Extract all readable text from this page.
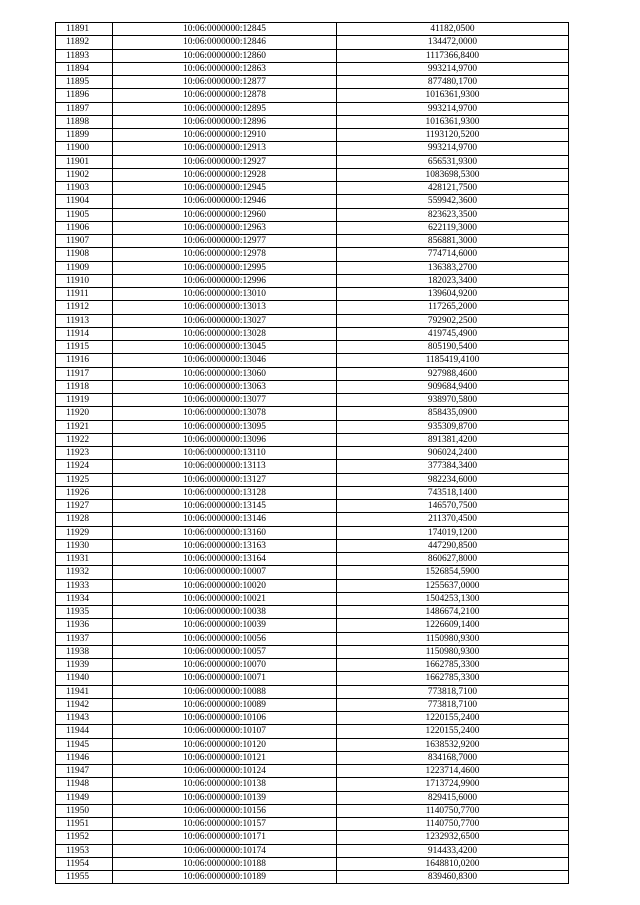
11891	10:06:0000000:12845	41182,0500
11892	10:06:0000000:12846	134472,0000
11893	10:06:0000000:12860	1117366,8400
11894	10:06:0000000:12863	993214,9700
11895	10:06:0000000:12877	877480,1700
11896	10:06:0000000:12878	1016361,9300
11897	10:06:0000000:12895	993214,9700
11898	10:06:0000000:12896	1016361,9300
11899	10:06:0000000:12910	1193120,5200
11900	10:06:0000000:12913	993214,9700
11901	10:06:0000000:12927	656531,9300
11902	10:06:0000000:12928	1083698,5300
11903	10:06:0000000:12945	428121,7500
11904	10:06:0000000:12946	559942,3600
11905	10:06:0000000:12960	823623,3500
11906	10:06:0000000:12963	622119,3000
11907	10:06:0000000:12977	856881,3000
11908	10:06:0000000:12978	774714,6000
11909	10:06:0000000:12995	136383,2700
11910	10:06:0000000:12996	182023,3400
11911	10:06:0000000:13010	139604,9200
11912	10:06:0000000:13013	117265,2000
11913	10:06:0000000:13027	792902,2500
11914	10:06:0000000:13028	419745,4900
11915	10:06:0000000:13045	805190,5400
11916	10:06:0000000:13046	1185419,4100
11917	10:06:0000000:13060	927988,4600
11918	10:06:0000000:13063	909684,9400
11919	10:06:0000000:13077	938970,5800
11920	10:06:0000000:13078	858435,0900
11921	10:06:0000000:13095	935309,8700
11922	10:06:0000000:13096	891381,4200
11923	10:06:0000000:13110	906024,2400
11924	10:06:0000000:13113	377384,3400
11925	10:06:0000000:13127	982234,6000
11926	10:06:0000000:13128	743518,1400
11927	10:06:0000000:13145	146570,7500
11928	10:06:0000000:13146	211370,4500
11929	10:06:0000000:13160	174019,1200
11930	10:06:0000000:13163	447290,8500
11931	10:06:0000000:13164	860627,8000
11932	10:06:0000000:10007	1526854,5900
11933	10:06:0000000:10020	1255637,0000
11934	10:06:0000000:10021	1504253,1300
11935	10:06:0000000:10038	1486674,2100
11936	10:06:0000000:10039	1226609,1400
11937	10:06:0000000:10056	1150980,9300
11938	10:06:0000000:10057	1150980,9300
11939	10:06:0000000:10070	1662785,3300
11940	10:06:0000000:10071	1662785,3300
11941	10:06:0000000:10088	773818,7100
11942	10:06:0000000:10089	773818,7100
11943	10:06:0000000:10106	1220155,2400
11944	10:06:0000000:10107	1220155,2400
11945	10:06:0000000:10120	1638532,9200
11946	10:06:0000000:10121	834168,7000
11947	10:06:0000000:10124	1223714,4600
11948	10:06:0000000:10138	1713724,9900
11949	10:06:0000000:10139	829415,6000
11950	10:06:0000000:10156	1140750,7700
11951	10:06:0000000:10157	1140750,7700
11952	10:06:0000000:10171	1232932,6500
11953	10:06:0000000:10174	914433,4200
11954	10:06:0000000:10188	1648810,0200
11955	10:06:0000000:10189	839460,8300
